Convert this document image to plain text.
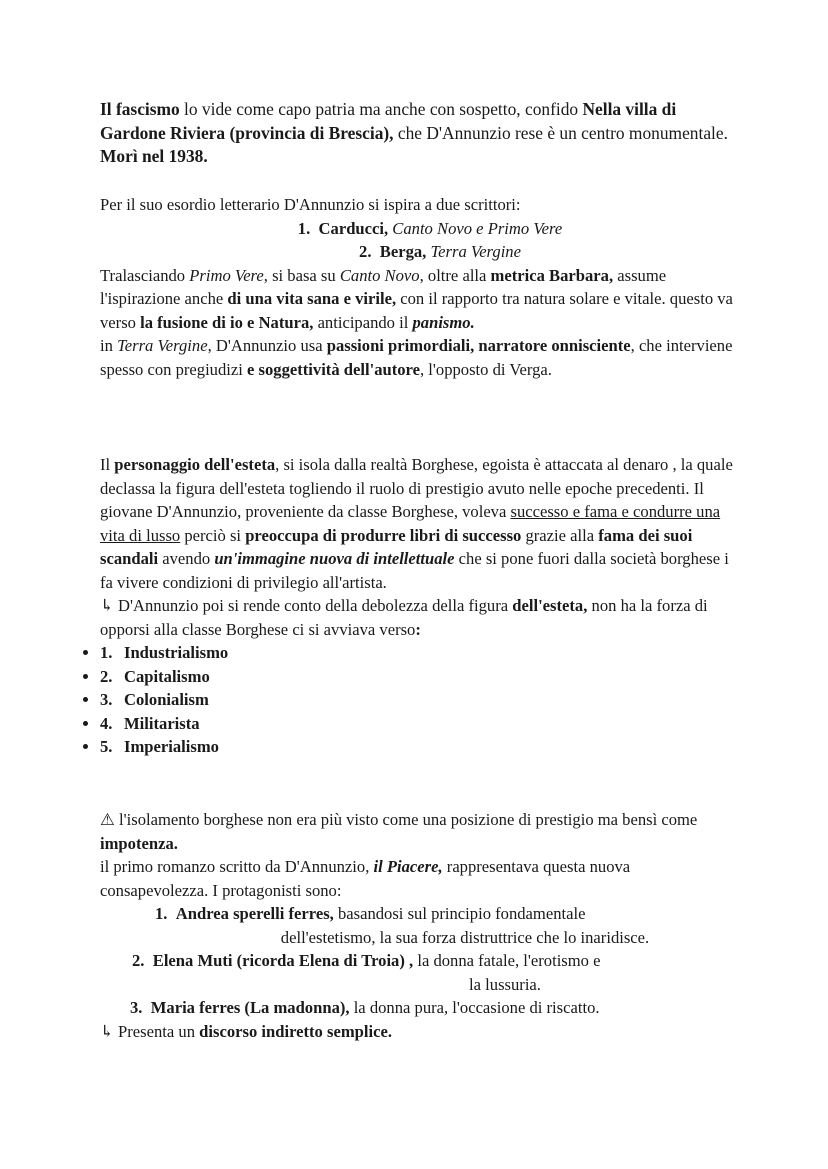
Il fascismo lo vide come capo patria ma anche con sospetto, confido Nella villa di Gardone Riviera (provincia di Brescia), che D'Annunzio rese è un centro monumentale. Morì nel 1938.

Per il suo esordio letterario D'Annunzio si ispira a due scrittori:

1. Carducci, Canto Novo e Primo Vere

2. Berga, Terra Vergine

Tralasciando Primo Vere, si basa su Canto Novo, oltre alla metrica Barbara, assume l'ispirazione anche di una vita sana e virile, con il rapporto tra natura solare e vitale. questo va verso la fusione di io e Natura, anticipando il panismo.

in Terra Vergine, D'Annunzio usa passioni primordiali, narratore onnisciente, che interviene spesso con pregiudizi e soggettività dell'autore, l'opposto di Verga.

Il personaggio dell'esteta, si isola dalla realtà Borghese, egoista è attaccata al denaro , la quale declassa la figura dell'esteta togliendo il ruolo di prestigio avuto nelle epoche precedenti. Il giovane D'Annunzio, proveniente da classe Borghese, voleva successo e fama e condurre una vita di lusso perciò si preoccupa di produrre libri di successo grazie alla fama dei suoi scandali avendo un'immagine nuova di intellettuale che si pone fuori dalla società borghese i fa vivere condizioni di privilegio all'artista.

↳ D'Annunzio poi si rende conto della debolezza della figura dell'esteta, non ha la forza di opporsi alla classe Borghese ci si avviava verso:

• 1. Industrialismo
• 2. Capitalismo
• 3. Colonialism
• 4. Militarista
• 5. Imperialismo

⚠ l'isolamento borghese non era più visto come una posizione di prestigio ma bensì come impotenza.

il primo romanzo scritto da D'Annunzio, il Piacere, rappresentava questa nuova consapevolezza. I protagonisti sono:

1. Andrea sperelli ferres, basandosi sul principio fondamentale

dell'estetismo, la sua forza distruttrice che lo inaridisce.

2. Elena Muti (ricorda Elena di Troia) , la donna fatale, l'erotismo e

la lussuria.

3. Maria ferres (La madonna), la donna pura, l'occasione di riscatto.

↳ Presenta un discorso indiretto semplice.
